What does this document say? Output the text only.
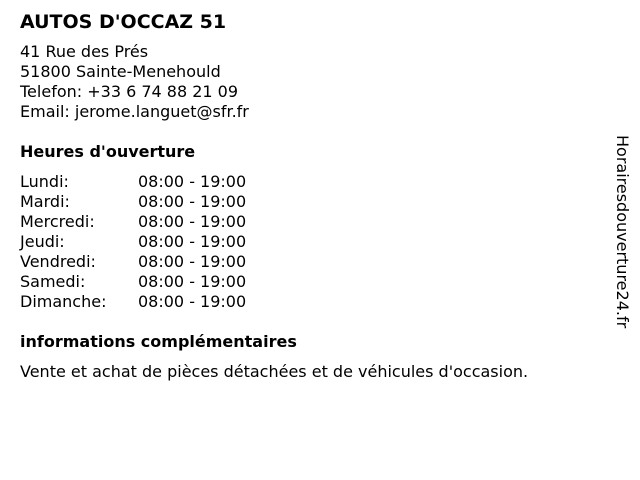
AUTOS D'OCCAZ 51
41 Rue des Prés
51800 Sainte-Menehould
Telefon: +33 6 74 88 21 09
Email: jerome.languet@sfr.fr
Heures d'ouverture
Lundi:	08:00 - 19:00
Mardi:	08:00 - 19:00
Mercredi:	08:00 - 19:00
Jeudi:	08:00 - 19:00
Vendredi:	08:00 - 19:00
Samedi:	08:00 - 19:00
Dimanche:	08:00 - 19:00
informations complémentaires
Vente et achat de pièces détachées et de véhicules d'occasion.
Horairesdouverture24.fr
